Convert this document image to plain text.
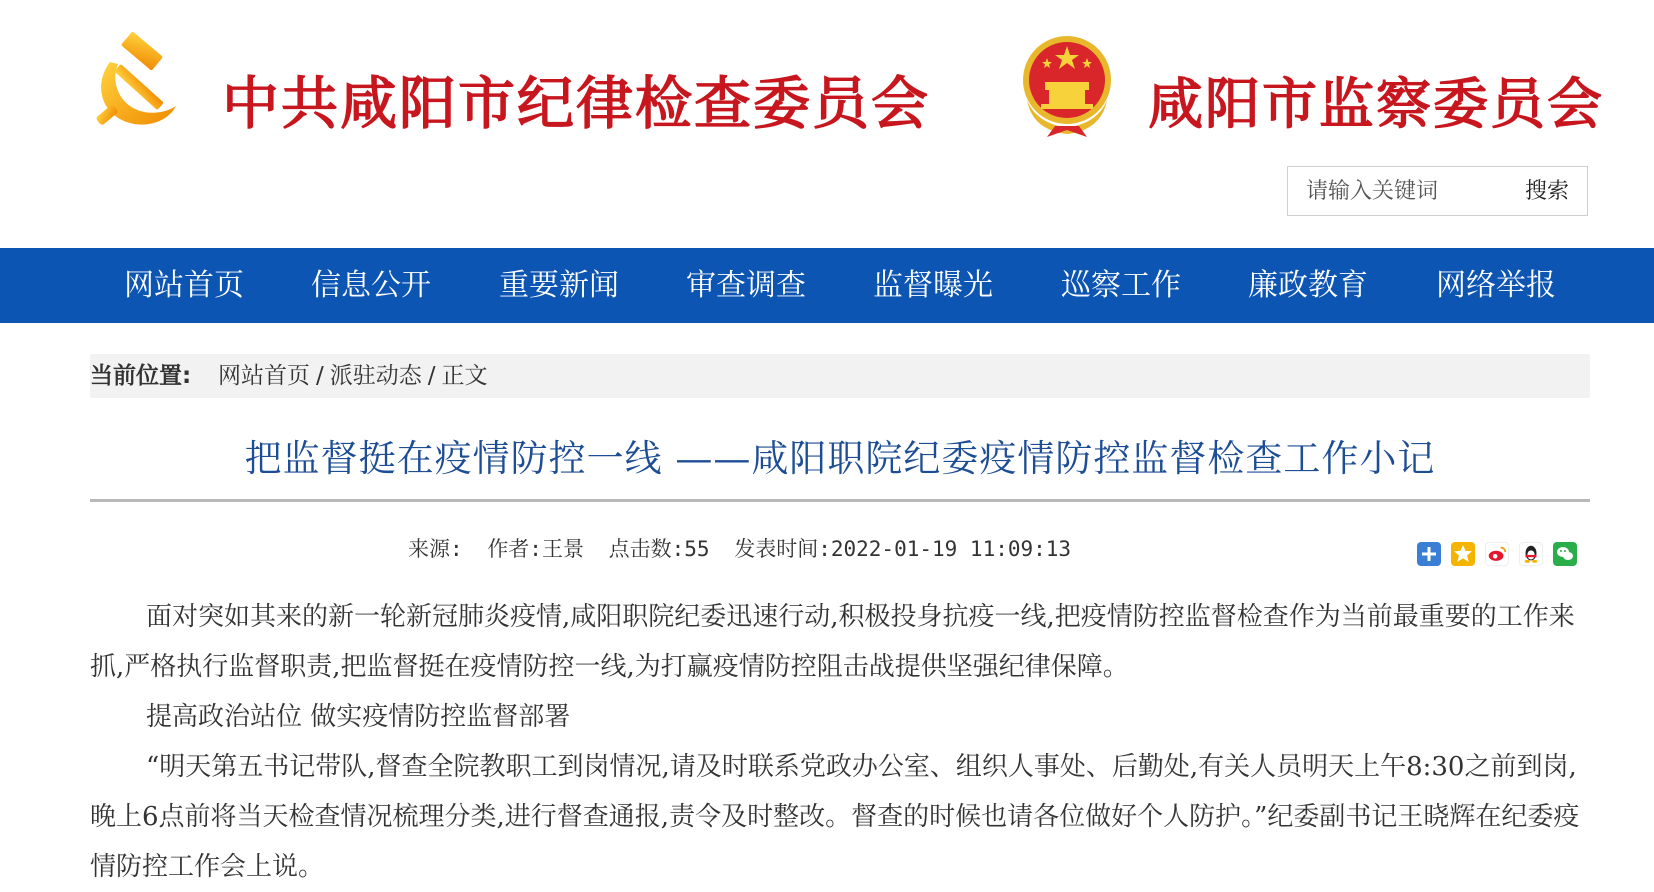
中共咸阳市纪律检查委员会	咸阳市监察委员会
请输入关键词
搜索
网站首页 信息公开 重要新闻 审查调查 监督曝光 巡察工作 廉政教育 网络举报
当前位置: 网站首页 / 派驻动态 / 正文
把监督挺在疫情防控一线 ——咸阳职院纪委疫情防控监督检查工作小记
来源: 作者:王景 点击数:55 发表时间:2022-01-19 11:09:13

面对突如其来的新一轮新冠肺炎疫情,咸阳职院纪委迅速行动,积极投身抗疫一线,把疫情防控监督检查作为当前最重要的工作来抓,严格执行监督职责,把监督挺在疫情防控一线,为打赢疫情防控阻击战提供坚强纪律保障。

提高政治站位 做实疫情防控监督部署

“明天第五书记带队,督查全院教职工到岗情况,请及时联系党政办公室、组织人事处、后勤处,有关人员明天上午8:30之前到岗,晚上6点前将当天检查情况梳理分类,进行督查通报,责令及时整改。督查的时候也请各位做好个人防护。”纪委副书记王晓辉在纪委疫情防控工作会上说。
